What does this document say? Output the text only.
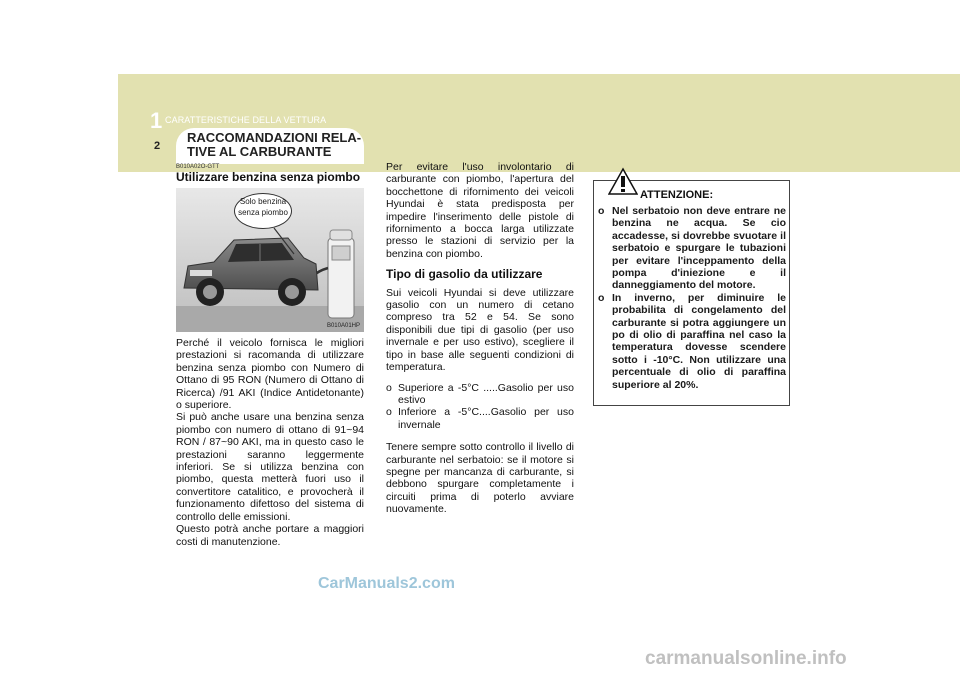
1 CARATTERISTICHE DELLA VETTURA
2
RACCOMANDAZIONI RELA-
TIVE AL CARBURANTE
B010A02O-GTT
Utilizzare benzina senza piombo
B010A01HP
Solo benzina
senza piombo
Perché il veicolo fornisca le migliori prestazioni si racomanda di utilizzare benzina senza piombo con Numero di Ottano di 95 RON (Numero di Ottano di Ricerca) /91 AKI (Indice Antidetonante) o superiore.
Si può anche usare una benzina senza piombo con numero di ottano di 91~94 RON / 87~90 AKI, ma in questo caso le prestazioni saranno leggermente inferiori. Se si utilizza benzina con piombo, questa metterà fuori uso il convertitore catalitico, e provocherà il funzionamento difettoso del sistema di controllo delle emissioni.
Questo potrà anche portare a maggiori costi di manutenzione.

Per evitare l'uso involontario di carburante con piombo, l'apertura del bocchettone di rifornimento dei veicoli Hyundai è stata predisposta per impedire l'inserimento delle pistole di rifornimento a bocca larga utilizzate presso le stazioni di servizio per la benzina con piombo.

Tipo di gasolio da utilizzare

Sui veicoli Hyundai si deve utilizzare gasolio con un numero di cetano compreso tra 52 e 54. Se sono disponibili due tipi di gasolio (per uso invernale e per uso estivo), scegliere il tipo in base alle seguenti condizioni di temperatura.

o Superiore a -5°C .....Gasolio per uso estivo
o Inferiore a -5°C....Gasolio per uso invernale

Tenere sempre sotto controllo il livello di carburante nel serbatoio: se il motore si spegne per mancanza di carburante, si debbono spurgare completamente i circuiti prima di poterlo avviare nuovamente.

ATTENZIONE:
o Nel serbatoio non deve entrare ne benzina ne acqua. Se cio accadesse, si dovrebbe svuotare il serbatoio e spurgare le tubazioni per evitare l'inceppamento della pompa d'iniezione e il danneggiamento del motore.
o In inverno, per diminuire le probabilita di congelamento del carburante si potra aggiungere un po di olio di paraffina nel caso la temperatura dovesse scendere sotto i -10°C. Non utilizzare una percentuale di olio di paraffina superiore al 20%.
CarManuals2.com
carmanualsonline.info
